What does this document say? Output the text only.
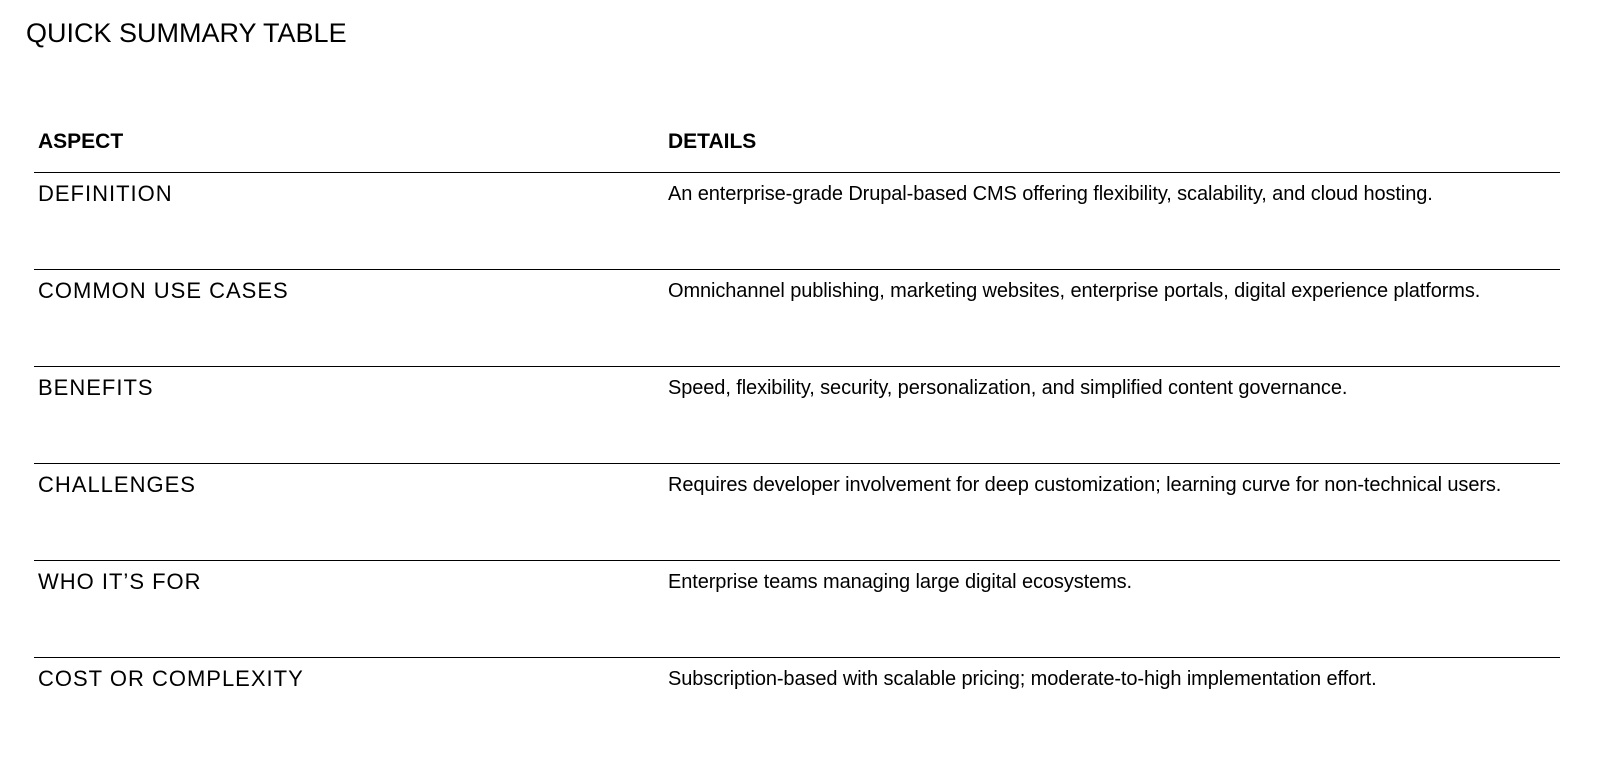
QUICK SUMMARY TABLE
ASPECT	DETAILS
DEFINITION	An enterprise-grade Drupal-based CMS offering flexibility, scalability, and cloud hosting.
COMMON USE CASES	Omnichannel publishing, marketing websites, enterprise portals, digital experience platforms.
BENEFITS	Speed, flexibility, security, personalization, and simplified content governance.
CHALLENGES	Requires developer involvement for deep customization; learning curve for non-technical users.
WHO IT’S FOR	Enterprise teams managing large digital ecosystems.
COST OR COMPLEXITY	Subscription-based with scalable pricing; moderate-to-high implementation effort.
